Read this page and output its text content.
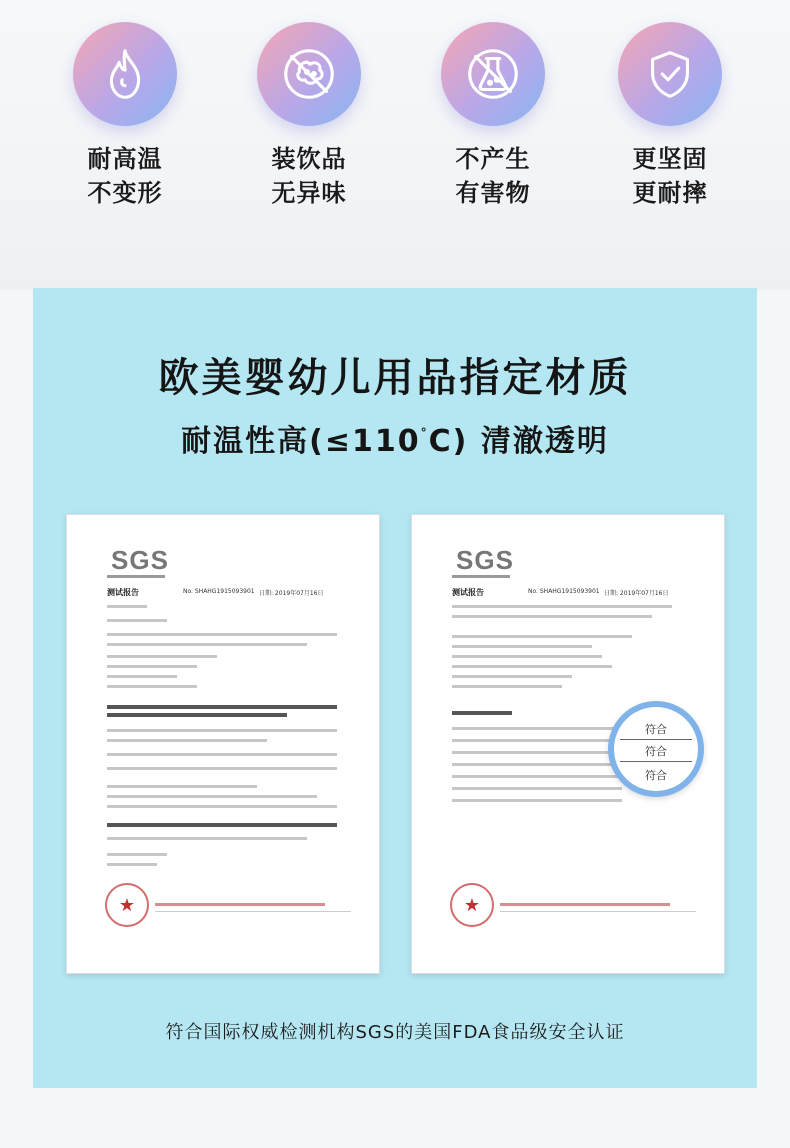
耐高温
不变形
装饮品
无异味
不产生
有害物
更坚固
更耐摔
欧美婴幼儿用品指定材质
耐温性高(≤110°C) 清澈透明
SGS
测试报告	No. SHAHG1915093901 日期: 2019年07月16日
★
SGS
测试报告	No. SHAHG1915093901 日期: 2019年07月16日
符合
符合
符合
★
符合国际权威检测机构SGS的美国FDA食品级安全认证
